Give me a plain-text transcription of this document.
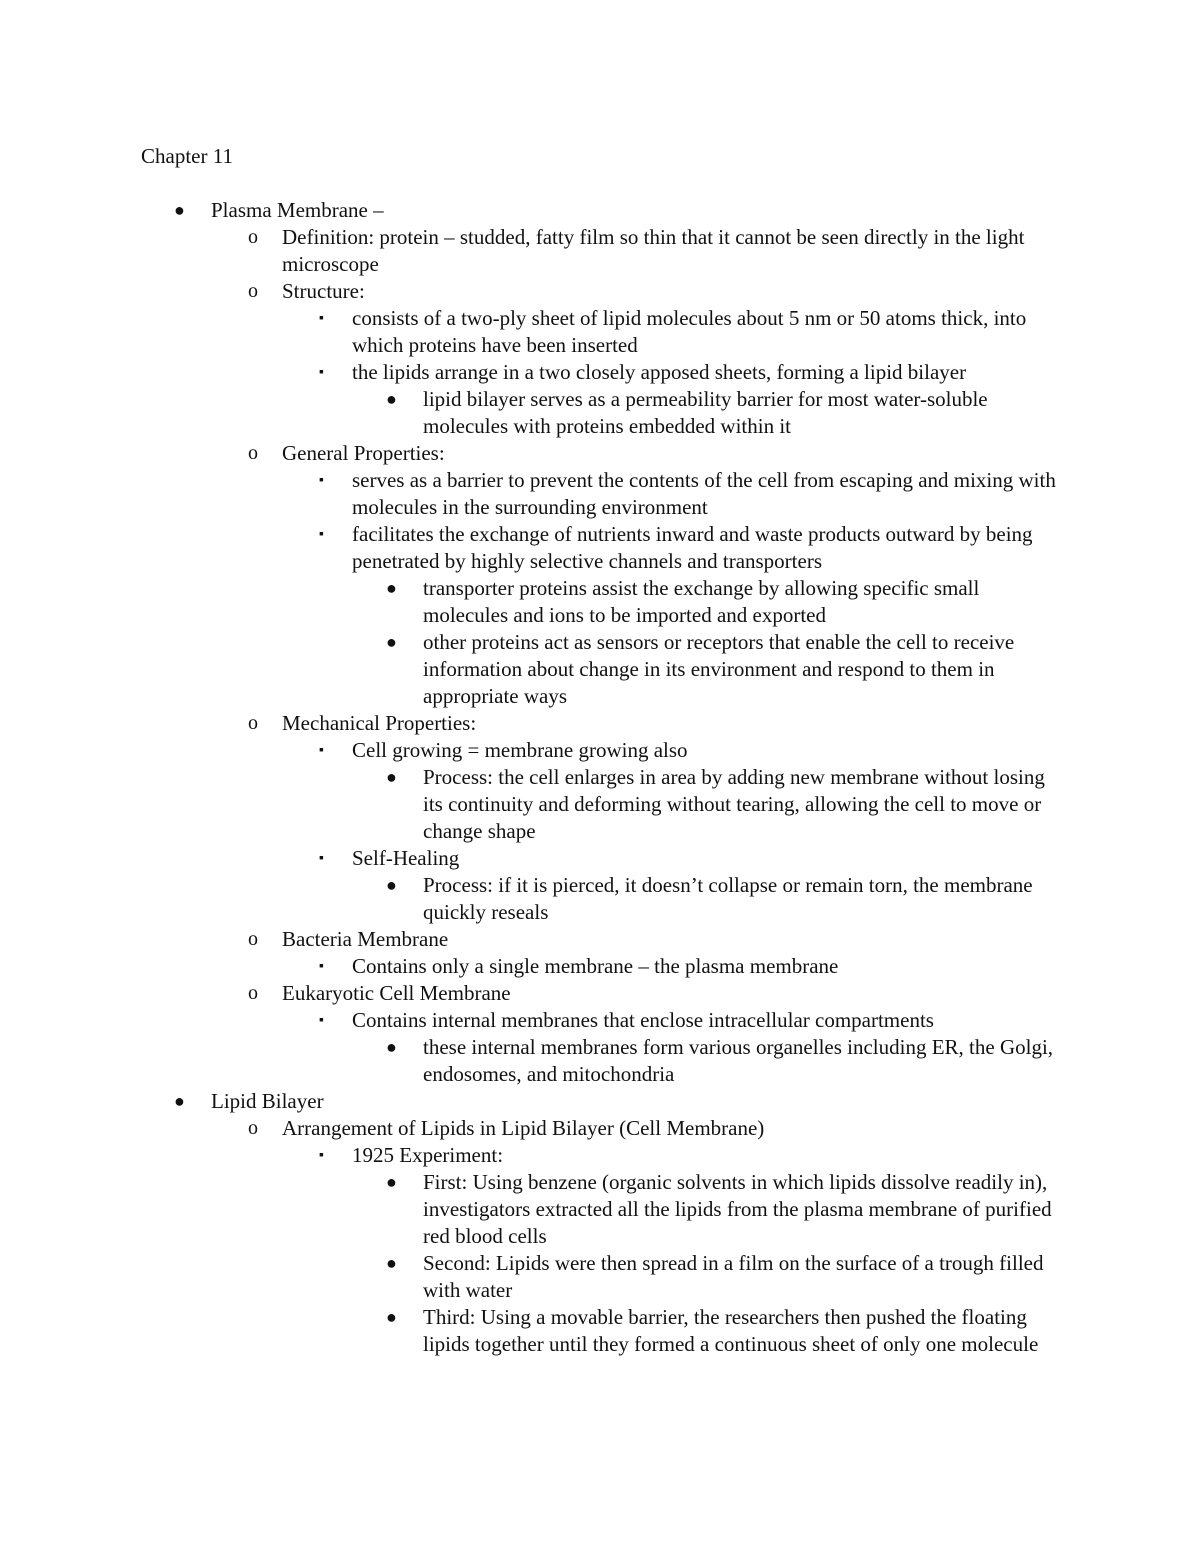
Chapter 11
● Plasma Membrane –
o Definition: protein – studded, fatty film so thin that it cannot be seen directly in the light microscope
o Structure:
▪ consists of a two-ply sheet of lipid molecules about 5 nm or 50 atoms thick, into which proteins have been inserted
▪ the lipids arrange in a two closely apposed sheets, forming a lipid bilayer
● lipid bilayer serves as a permeability barrier for most water-soluble molecules with proteins embedded within it
o General Properties:
▪ serves as a barrier to prevent the contents of the cell from escaping and mixing with molecules in the surrounding environment
▪ facilitates the exchange of nutrients inward and waste products outward by being penetrated by highly selective channels and transporters
● transporter proteins assist the exchange by allowing specific small molecules and ions to be imported and exported
● other proteins act as sensors or receptors that enable the cell to receive information about change in its environment and respond to them in appropriate ways
o Mechanical Properties:
▪ Cell growing = membrane growing also
● Process: the cell enlarges in area by adding new membrane without losing its continuity and deforming without tearing, allowing the cell to move or change shape
▪ Self-Healing
● Process: if it is pierced, it doesn’t collapse or remain torn, the membrane quickly reseals
o Bacteria Membrane
▪ Contains only a single membrane – the plasma membrane
o Eukaryotic Cell Membrane
▪ Contains internal membranes that enclose intracellular compartments
● these internal membranes form various organelles including ER, the Golgi, endosomes, and mitochondria
● Lipid Bilayer
o Arrangement of Lipids in Lipid Bilayer (Cell Membrane)
▪ 1925 Experiment:
● First: Using benzene (organic solvents in which lipids dissolve readily in), investigators extracted all the lipids from the plasma membrane of purified red blood cells
● Second: Lipids were then spread in a film on the surface of a trough filled with water
● Third: Using a movable barrier, the researchers then pushed the floating lipids together until they formed a continuous sheet of only one molecule
